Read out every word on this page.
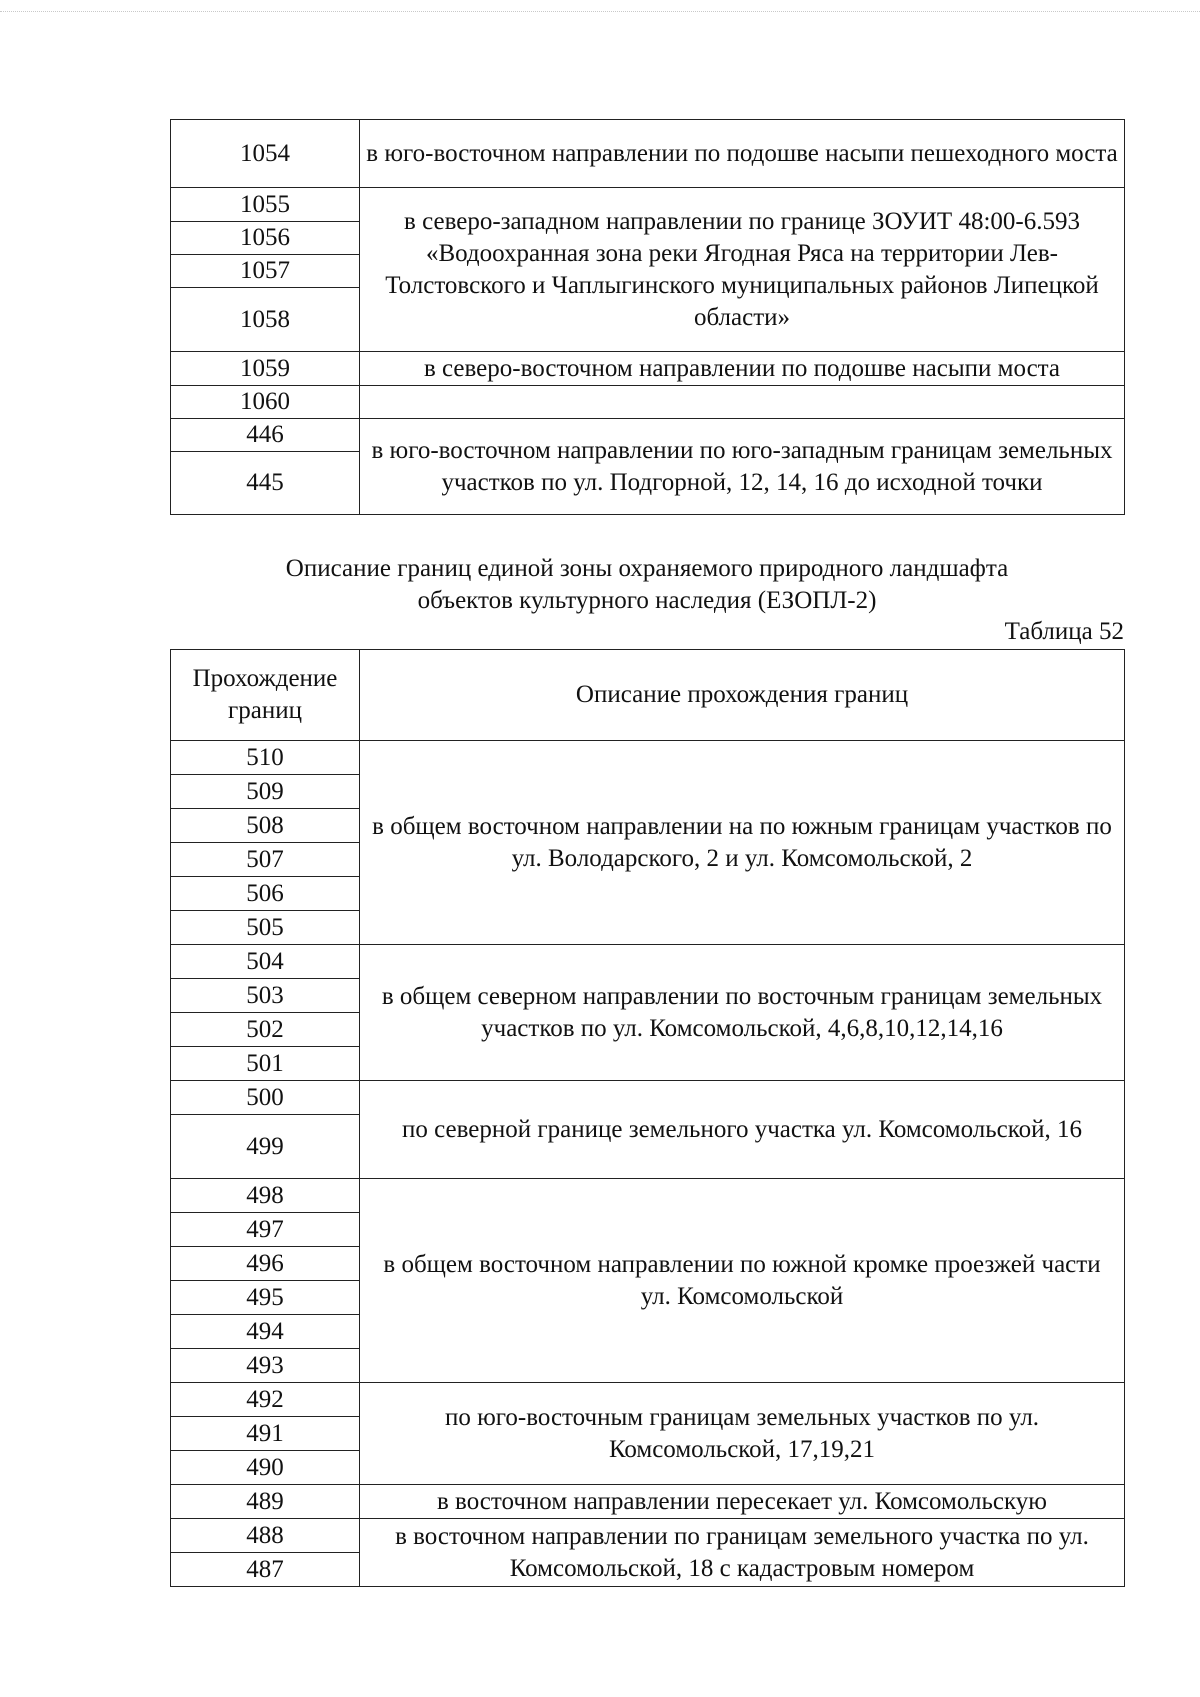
1054	в юго-восточном направлении по подошве насыпи пешеходного моста
1055	в северо-западном направлении по границе ЗОУИТ 48:00-6.593 «Водоохранная зона реки Ягодная Ряса на территории Лев-Толстовского и Чаплыгинского муниципальных районов Липецкой области»
1056	
1057	
1058	
1059	в северо-восточном направлении по подошве насыпи моста
1060	
446	в юго-восточном направлении по юго-западным границам земельных участков по ул. Подгорной, 12, 14, 16 до исходной точки
445	
Описание границ единой зоны охраняемого природного ландшафта
объектов культурного наследия (ЕЗОПЛ-2)
Таблица 52
Прохождение границ	Описание прохождения границ
510	в общем восточном направлении на по южным границам участков по ул. Володарского, 2 и ул. Комсомольской, 2
509	
508	
507	
506	
505	
504	в общем северном направлении по восточным границам земельных участков по ул. Комсомольской, 4,6,8,10,12,14,16
503	
502	
501	
500	по северной границе земельного участка ул. Комсомольской, 16
499	
498	в общем восточном направлении по южной кромке проезжей части ул. Комсомольской
497	
496	
495	
494	
493	
492	по юго-восточным границам земельных участков по ул. Комсомольской, 17,19,21
491	
490	
489	в восточном направлении пересекает ул. Комсомольскую
488	в восточном направлении по границам земельного участка по ул. Комсомольской, 18 с кадастровым номером
487	
